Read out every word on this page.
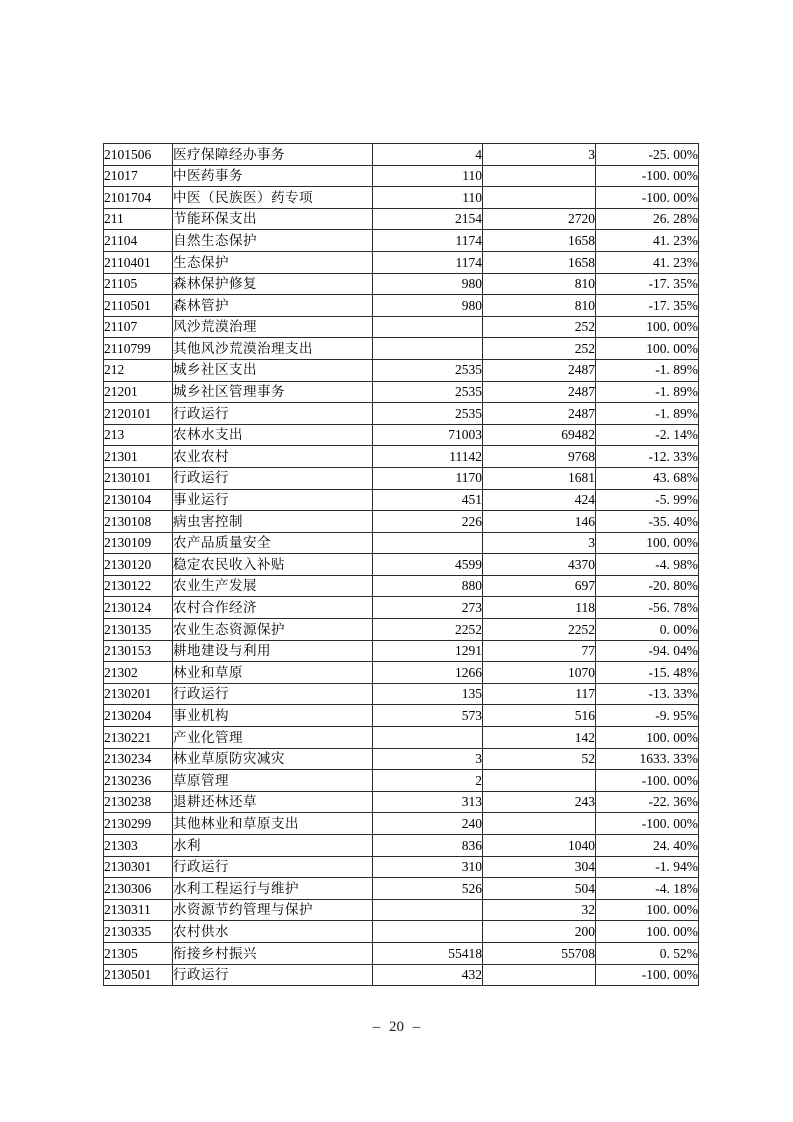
2101506	医疗保障经办事务	4	3	-25. 00%
21017	中医药事务	110		-100. 00%
2101704	中医（民族医）药专项	110		-100. 00%
211	节能环保支出	2154	2720	26. 28%
21104	自然生态保护	1174	1658	41. 23%
2110401	生态保护	1174	1658	41. 23%
21105	森林保护修复	980	810	-17. 35%
2110501	森林管护	980	810	-17. 35%
21107	风沙荒漠治理		252	100. 00%
2110799	其他风沙荒漠治理支出		252	100. 00%
212	城乡社区支出	2535	2487	-1. 89%
21201	城乡社区管理事务	2535	2487	-1. 89%
2120101	行政运行	2535	2487	-1. 89%
213	农林水支出	71003	69482	-2. 14%
21301	农业农村	11142	9768	-12. 33%
2130101	行政运行	1170	1681	43. 68%
2130104	事业运行	451	424	-5. 99%
2130108	病虫害控制	226	146	-35. 40%
2130109	农产品质量安全		3	100. 00%
2130120	稳定农民收入补贴	4599	4370	-4. 98%
2130122	农业生产发展	880	697	-20. 80%
2130124	农村合作经济	273	118	-56. 78%
2130135	农业生态资源保护	2252	2252	0. 00%
2130153	耕地建设与利用	1291	77	-94. 04%
21302	林业和草原	1266	1070	-15. 48%
2130201	行政运行	135	117	-13. 33%
2130204	事业机构	573	516	-9. 95%
2130221	产业化管理		142	100. 00%
2130234	林业草原防灾减灾	3	52	1633. 33%
2130236	草原管理	2		-100. 00%
2130238	退耕还林还草	313	243	-22. 36%
2130299	其他林业和草原支出	240		-100. 00%
21303	水利	836	1040	24. 40%
2130301	行政运行	310	304	-1. 94%
2130306	水利工程运行与维护	526	504	-4. 18%
2130311	水资源节约管理与保护		32	100. 00%
2130335	农村供水		200	100. 00%
21305	衔接乡村振兴	55418	55708	0. 52%
2130501	行政运行	432		-100. 00%
– 20 –
